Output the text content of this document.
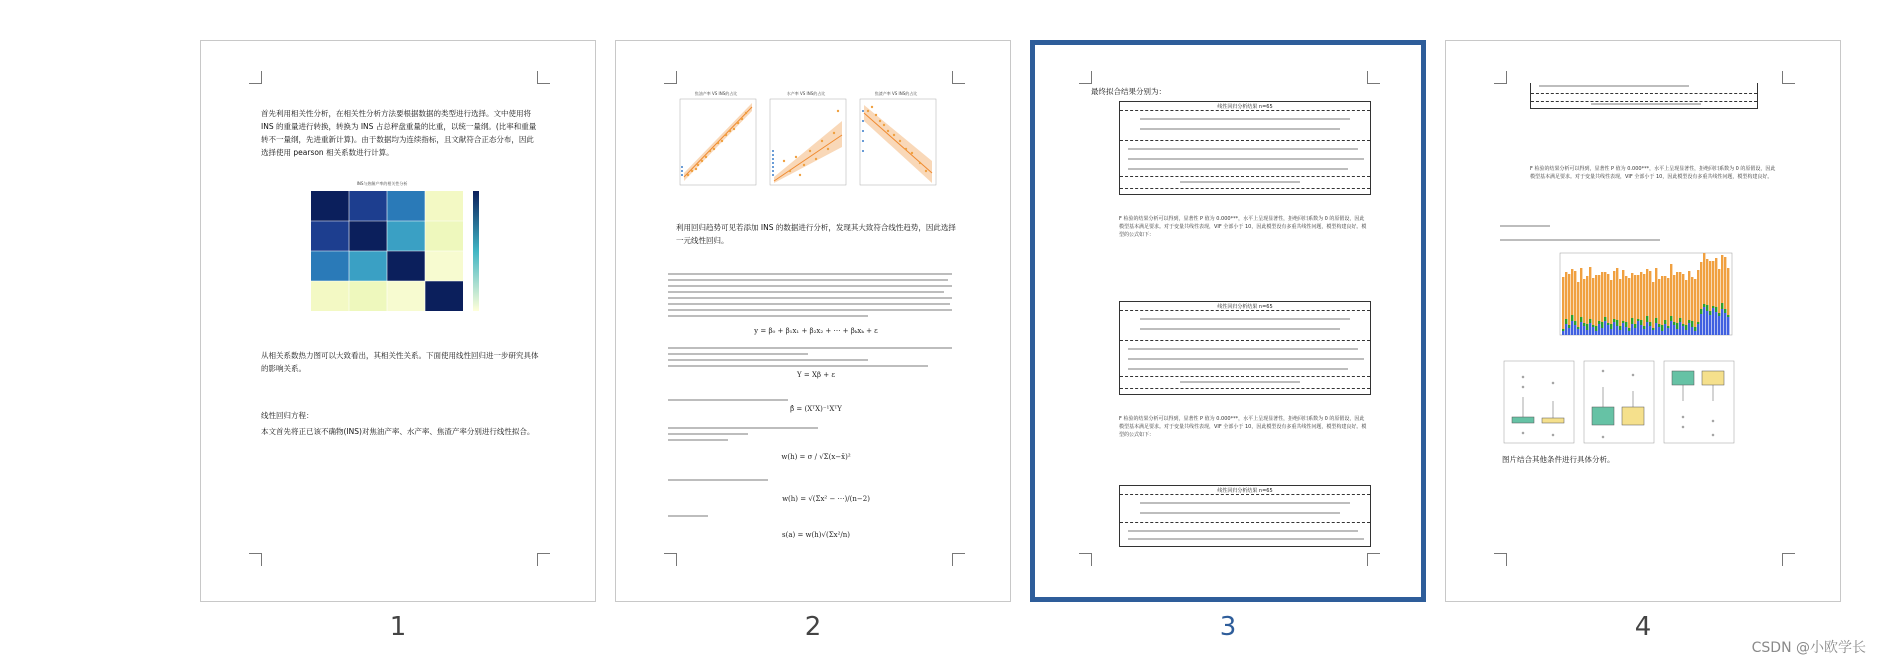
首先利用相关性分析，在相关性分析方法要根据数据的类型进行选择。文中使用将 INS 的重量进行转换，转换为 INS 占总秤盘重量的比重，以统一量纲。(比率和重量转不一量纲，先进重新计算)。由于数据均为连续指标，且文献符合正态分布，因此选择使用 pearson 相关系数进行计算。
INS与热解产率的相关性分析
从相关系数热力图可以大致看出，其相关性关系。下面使用线性回归进一步研究具体的影响关系。
线性回归方程：
本文首先将正已该不确物(INS)对焦油产率、水产率、焦渣产率分别进行线性拟合。
1
焦油产率 VS INS的占比	水产率 VS INS的占比	焦渣产率 VS INS的占比
利用回归趋势可见若添加 INS 的数据进行分析，发现其大致符合线性趋势，因此选择一元线性回归。
y = β₀ + β₁x₁ + β₂x₂ + ⋯ + βₖxₖ + ε
Y = Xβ + ε
β̂ = (XᵀX)⁻¹XᵀY
w(h) = σ / √Σ(x−x̄)²
w(h) = √(Σx² − ⋯)/(n−2)
s(a) = w(h)√(Σx²/n)
2
最终拟合结果分别为：
线性回归分析结果 n=65
F 检验的结果分析可以得到，显著性 P 值为 0.000***，水平上呈现显著性，拒绝回归系数为 0 的原假设，因此模型基本满足要求。对于变量共线性表现，VIF 全部小于 10，因此模型没有多重共线性问题，模型构建良好。模型的公式如下：
线性回归分析结果 n=65
F 检验的结果分析可以得到，显著性 P 值为 0.000***，水平上呈现显著性，拒绝回归系数为 0 的原假设，因此模型基本满足要求。对于变量共线性表现，VIF 全部小于 10，因此模型没有多重共线性问题，模型构建良好。模型的公式如下：
线性回归分析结果 n=65
3
F 检验的结果分析可以得到，显著性 P 值为 0.000***，水平上呈现显著性，拒绝回归系数为 0 的原假设，因此模型基本满足要求。对于变量共线性表现，VIF 全部小于 10，因此模型没有多重共线性问题，模型构建良好。
图片结合其他条件进行具体分析。
4
CSDN @小欧学长
